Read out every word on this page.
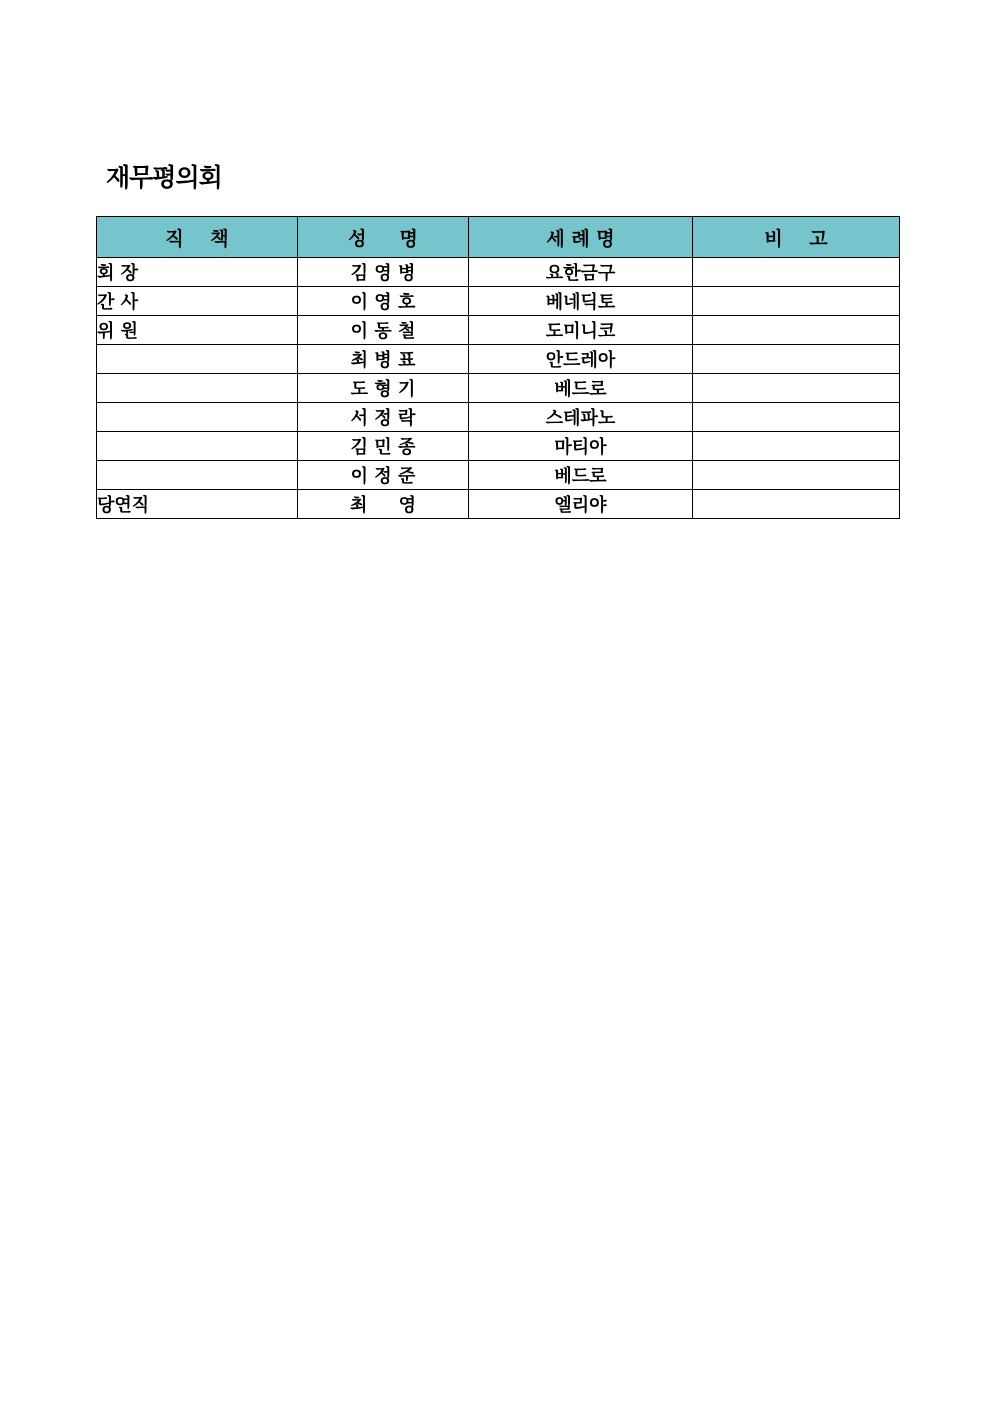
재무평의회
직    책	성     명	세 례 명	비    고
회 장	김 영 병	요한금구	
간 사	이 영 호	베네딕토	
위 원	이 동 철	도미니코	
	최 병 표	안드레아	
	도 형 기	베드로	
	서 정 락	스테파노	
	김 민 종	마티아	
	이 정 준	베드로	
당연직	최     영	엘리야	
